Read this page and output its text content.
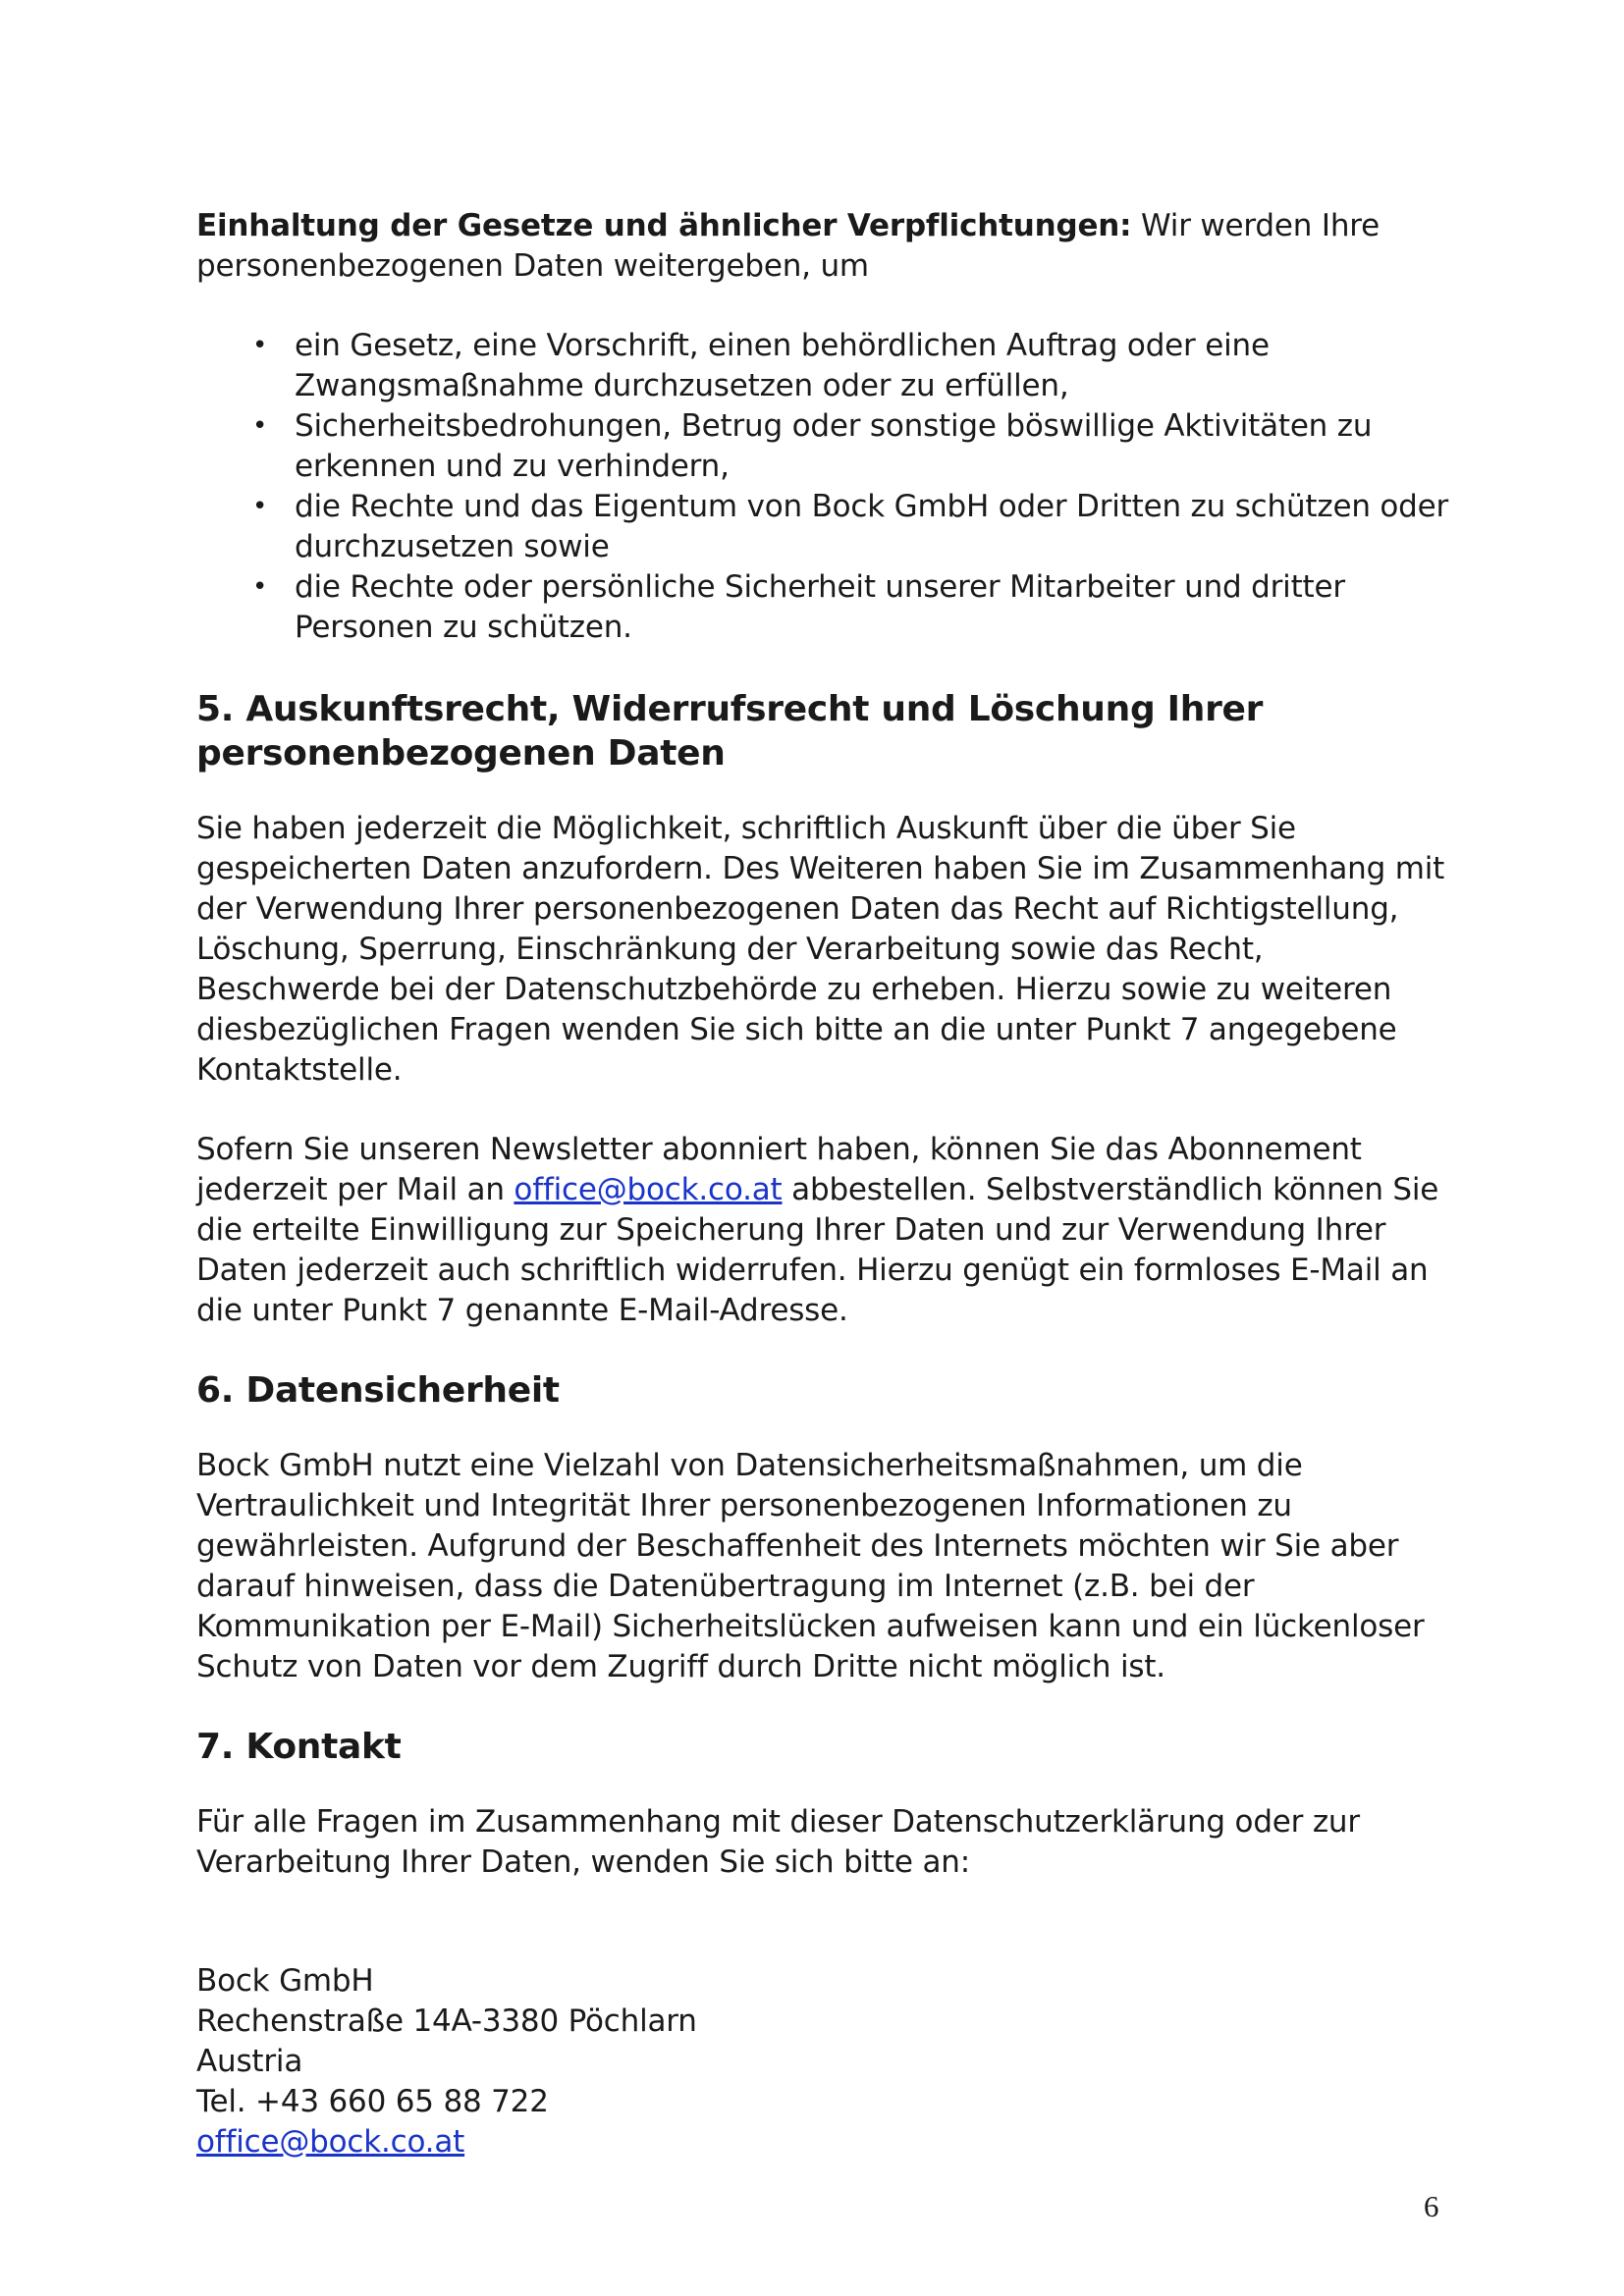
Einhaltung der Gesetze und ähnlicher Verpflichtungen: Wir werden Ihre personenbezogenen Daten weitergeben, um

• ein Gesetz, eine Vorschrift, einen behördlichen Auftrag oder eine Zwangsmaßnahme durchzusetzen oder zu erfüllen,
• Sicherheitsbedrohungen, Betrug oder sonstige böswillige Aktivitäten zu erkennen und zu verhindern,
• die Rechte und das Eigentum von Bock GmbH oder Dritten zu schützen oder durchzusetzen sowie
• die Rechte oder persönliche Sicherheit unserer Mitarbeiter und dritter Personen zu schützen.
5. Auskunftsrecht, Widerrufsrecht und Löschung Ihrer personenbezogenen Daten

Sie haben jederzeit die Möglichkeit, schriftlich Auskunft über die über Sie gespeicherten Daten anzufordern. Des Weiteren haben Sie im Zusammenhang mit der Verwendung Ihrer personenbezogenen Daten das Recht auf Richtigstellung, Löschung, Sperrung, Einschränkung der Verarbeitung sowie das Recht, Beschwerde bei der Datenschutzbehörde zu erheben. Hierzu sowie zu weiteren diesbezüglichen Fragen wenden Sie sich bitte an die unter Punkt 7 angegebene Kontaktstelle.

Sofern Sie unseren Newsletter abonniert haben, können Sie das Abonnement jederzeit per Mail an office@bock.co.at abbestellen. Selbstverständlich können Sie die erteilte Einwilligung zur Speicherung Ihrer Daten und zur Verwendung Ihrer Daten jederzeit auch schriftlich widerrufen. Hierzu genügt ein formloses E-Mail an die unter Punkt 7 genannte E-Mail-Adresse.

6. Datensicherheit

Bock GmbH nutzt eine Vielzahl von Datensicherheitsmaßnahmen, um die Vertraulichkeit und Integrität Ihrer personenbezogenen Informationen zu gewährleisten. Aufgrund der Beschaffenheit des Internets möchten wir Sie aber darauf hinweisen, dass die Datenübertragung im Internet (z.B. bei der Kommunikation per E-Mail) Sicherheitslücken aufweisen kann und ein lückenloser Schutz von Daten vor dem Zugriff durch Dritte nicht möglich ist.

7. Kontakt

Für alle Fragen im Zusammenhang mit dieser Datenschutzerklärung oder zur Verarbeitung Ihrer Daten, wenden Sie sich bitte an:

Bock GmbH
Rechenstraße 14A-3380 Pöchlarn
Austria
Tel. +43 660 65 88 722
office@bock.co.at
6
